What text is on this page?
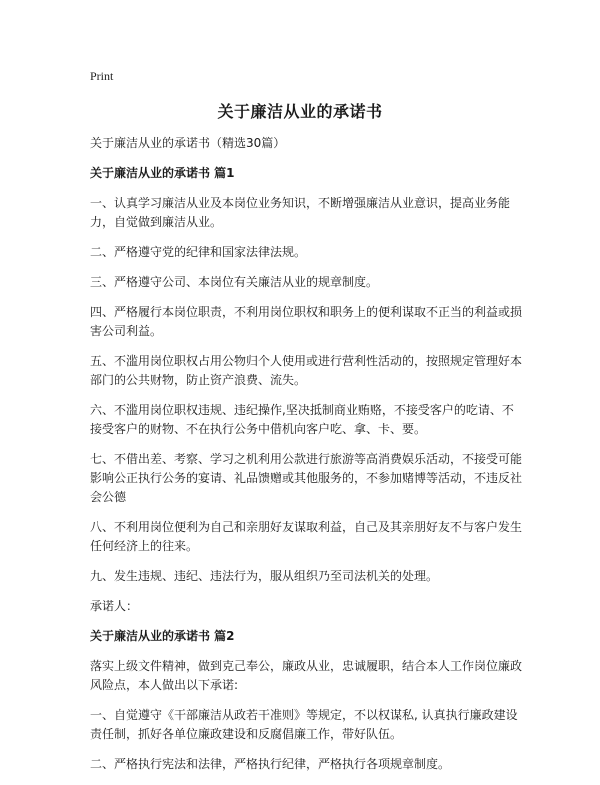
Print
关于廉洁从业的承诺书
关于廉洁从业的承诺书（精选30篇）
关于廉洁从业的承诺书 篇1
一、认真学习廉洁从业及本岗位业务知识，不断增强廉洁从业意识，提高业务能力，自觉做到廉洁从业。
二、严格遵守党的纪律和国家法律法规。
三、严格遵守公司、本岗位有关廉洁从业的规章制度。
四、严格履行本岗位职责，不利用岗位职权和职务上的便利谋取不正当的利益或损害公司利益。
五、不滥用岗位职权占用公物归个人使用或进行营利性活动的，按照规定管理好本部门的公共财物，防止资产浪费、流失。
六、不滥用岗位职权违规、违纪操作,坚决抵制商业贿赂，不接受客户的吃请、不接受客户的财物、不在执行公务中借机向客户吃、拿、卡、要。
七、不借出差、考察、学习之机利用公款进行旅游等高消费娱乐活动，不接受可能影响公正执行公务的宴请、礼品馈赠或其他服务的，不参加赌博等活动，不违反社会公德
八、不利用岗位便利为自己和亲朋好友谋取利益，自己及其亲朋好友不与客户发生任何经济上的往来。
九、发生违规、违纪、违法行为，服从组织乃至司法机关的处理。
承诺人：
关于廉洁从业的承诺书 篇2
落实上级文件精神，做到克己奉公，廉政从业，忠诚履职，结合本人工作岗位廉政风险点，本人做出以下承诺:
一、自觉遵守《干部廉洁从政若干准则》等规定，不以权谋私, 认真执行廉政建设责任制，抓好各单位廉政建设和反腐倡廉工作，带好队伍。
二、严格执行宪法和法律，严格执行纪律，严格执行各项规章制度。
